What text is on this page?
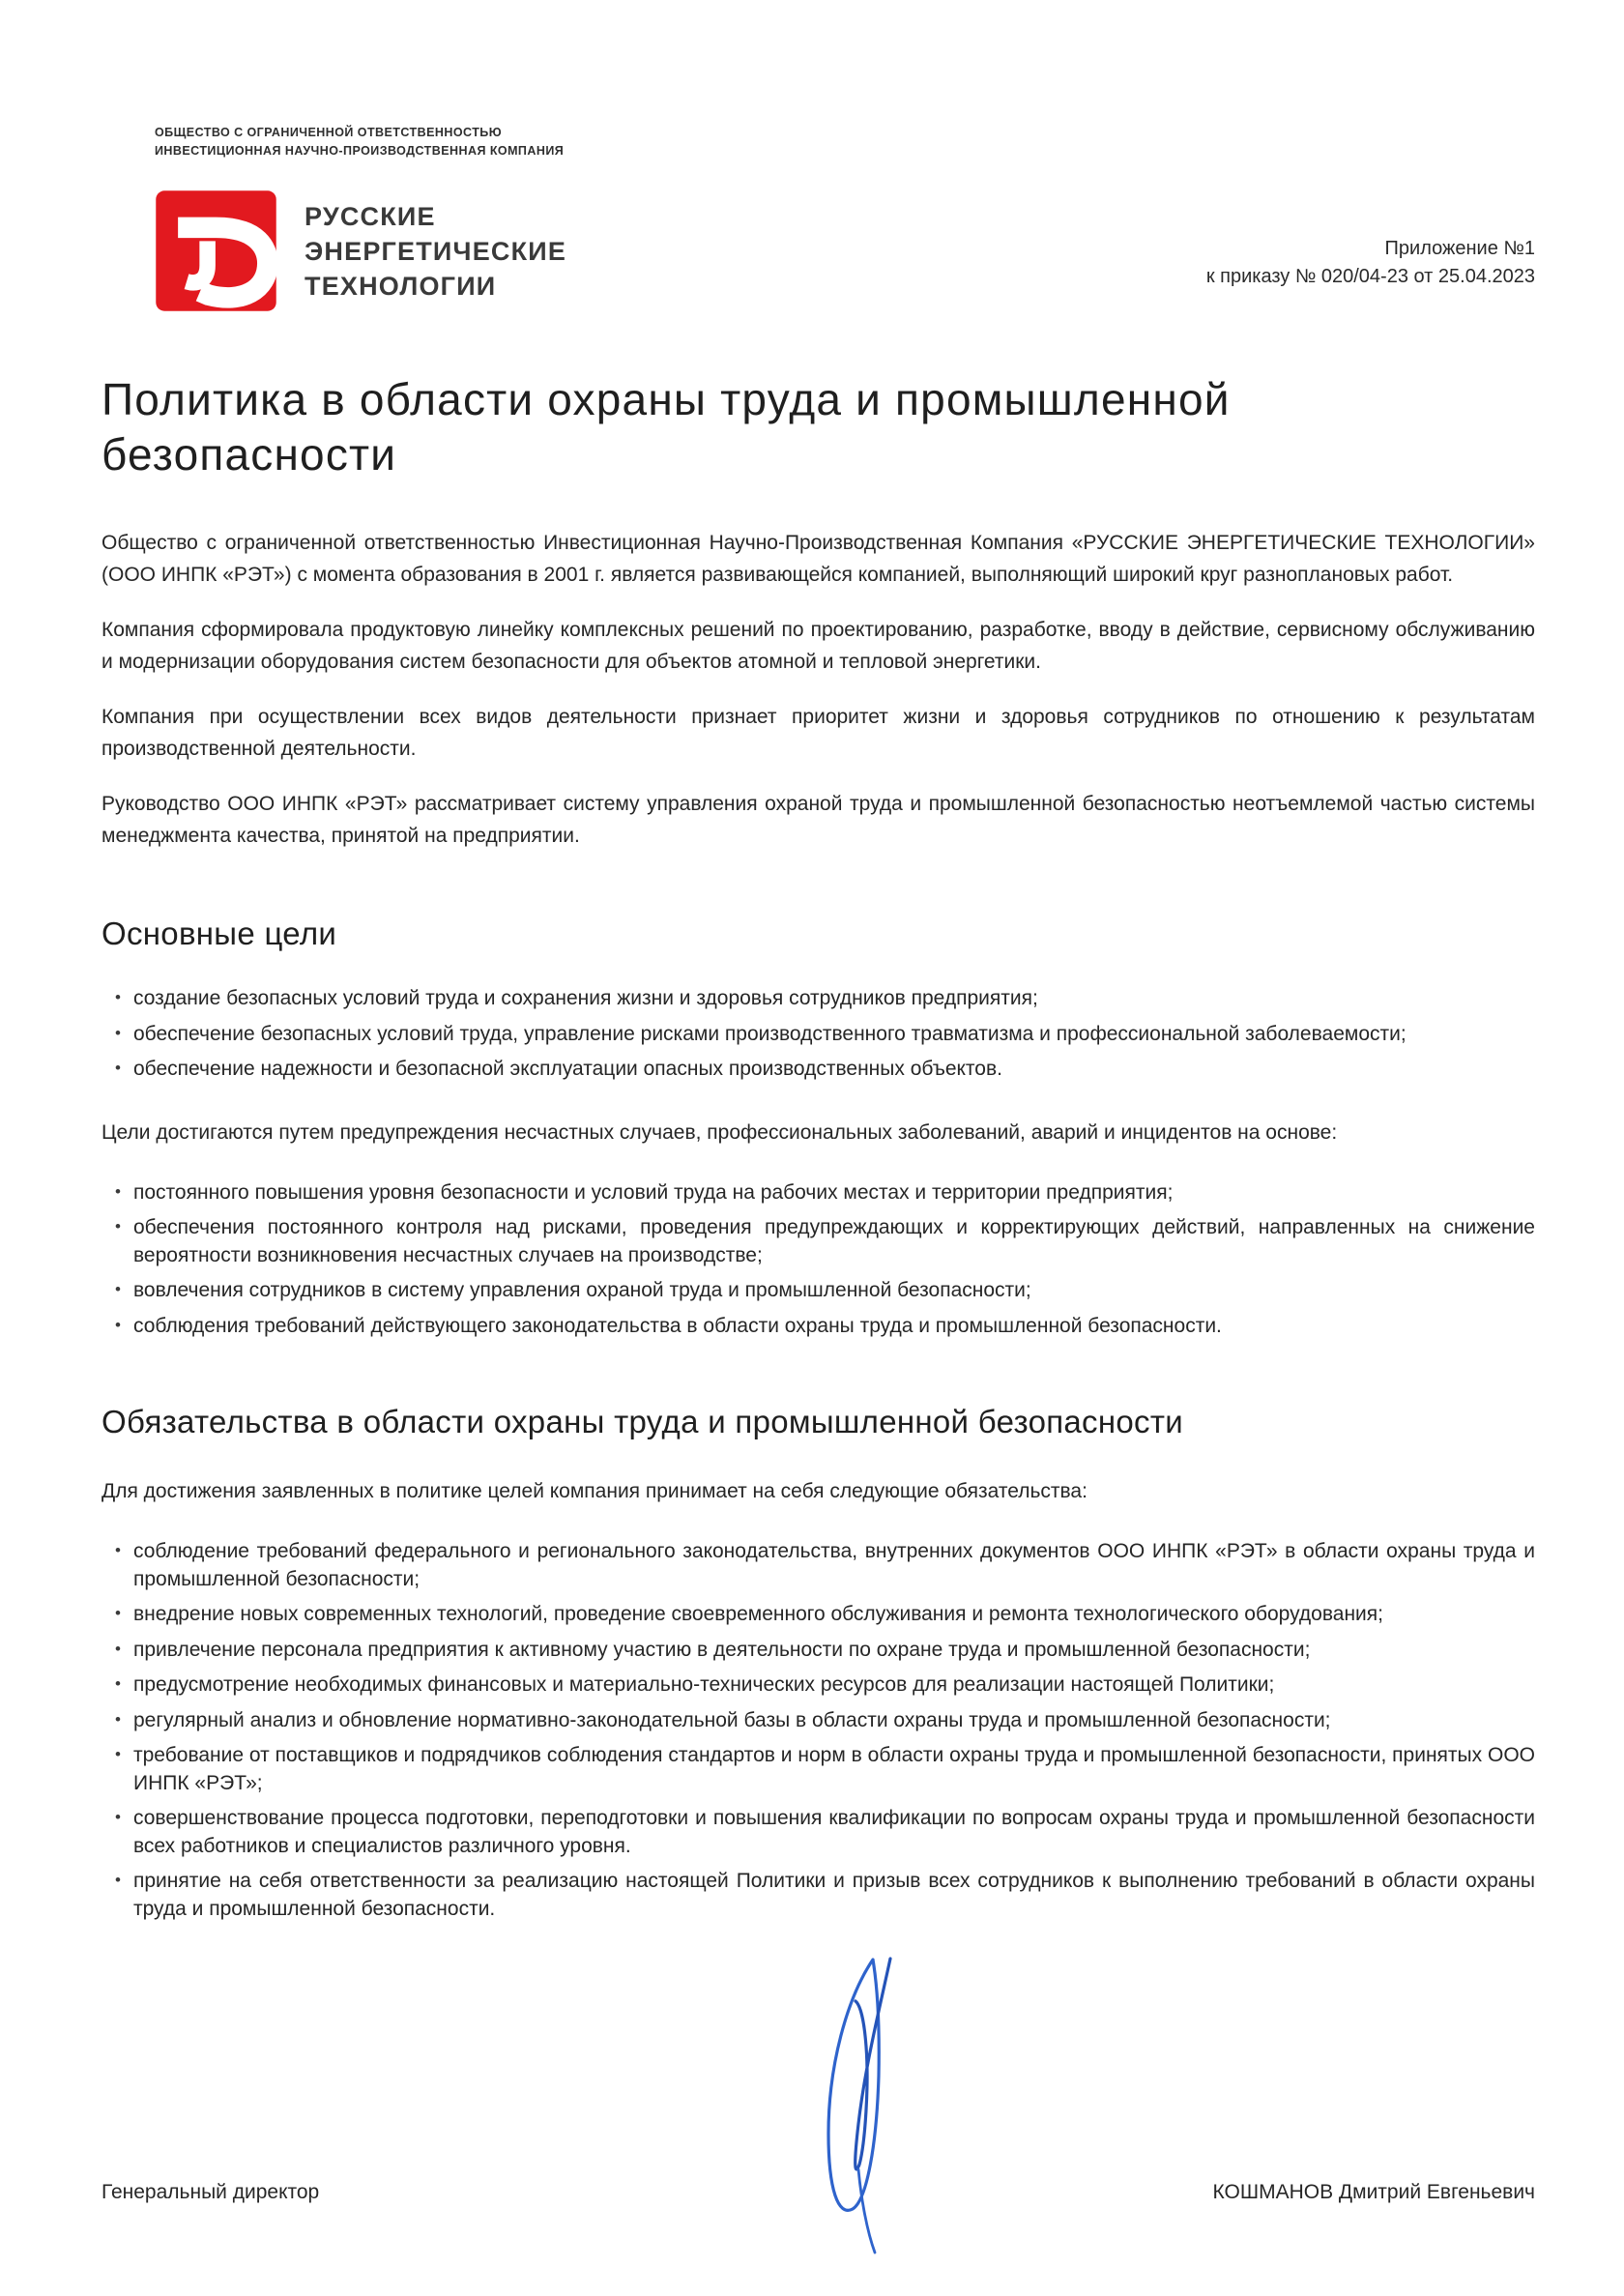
ОБЩЕСТВО С ОГРАНИЧЕННОЙ ОТВЕТСТВЕННОСТЬЮ
ИНВЕСТИЦИОННАЯ НАУЧНО-ПРОИЗВОДСТВЕННАЯ КОМПАНИЯ
РУССКИЕ
ЭНЕРГЕТИЧЕСКИЕ
ТЕХНОЛОГИИ
Приложение №1
к приказу № 020/04-23 от 25.04.2023
Политика в области охраны труда и промышленной безопасности

Общество с ограниченной ответственностью Инвестиционная Научно-Производственная Компания «РУССКИЕ ЭНЕРГЕТИЧЕСКИЕ ТЕХНОЛОГИИ» (ООО ИНПК «РЭТ») с момента образования в 2001 г. является развивающейся компанией, выполняющий широкий круг разноплановых работ.

Компания сформировала продуктовую линейку комплексных решений по проектированию, разработке, вводу в действие, сервисному обслуживанию и модернизации оборудования систем безопасности для объектов атомной и тепловой энергетики.

Компания при осуществлении всех видов деятельности признает приоритет жизни и здоровья сотрудников по отношению к результатам производственной деятельности.

Руководство ООО ИНПК «РЭТ» рассматривает систему управления охраной труда и промышленной безопасностью неотъемлемой частью системы менеджмента качества, принятой на предприятии.

Основные цели
• создание безопасных условий труда и сохранения жизни и здоровья сотрудников предприятия;
• обеспечение безопасных условий труда, управление рисками производственного травматизма и профессиональной заболеваемости;
• обеспечение надежности и безопасной эксплуатации опасных производственных объектов.

Цели достигаются путем предупреждения несчастных случаев, профессиональных заболеваний, аварий и инцидентов на основе:

• постоянного повышения уровня безопасности и условий труда на рабочих местах и территории предприятия;
• обеспечения постоянного контроля над рисками, проведения предупреждающих и корректирующих действий, направленных на снижение вероятности возникновения несчастных случаев на производстве;
• вовлечения сотрудников в систему управления охраной труда и промышленной безопасности;
• соблюдения требований действующего законодательства в области охраны труда и промышленной безопасности.
Обязательства в области охраны труда и промышленной безопасности

Для достижения заявленных в политике целей компания принимает на себя следующие обязательства:

• соблюдение требований федерального и регионального законодательства, внутренних документов ООО ИНПК «РЭТ» в области охраны труда и промышленной безопасности;
• внедрение новых современных технологий, проведение своевременного обслуживания и ремонта технологического оборудования;
• привлечение персонала предприятия к активному участию в деятельности по охране труда и промышленной безопасности;
• предусмотрение необходимых финансовых и материально-технических ресурсов для реализации настоящей Политики;
• регулярный анализ и обновление нормативно-законодательной базы в области охраны труда и промышленной безопасности;
• требование от поставщиков и подрядчиков соблюдения стандартов и норм в области охраны труда и промышленной безопасности, принятых ООО ИНПК «РЭТ»;
• совершенствование процесса подготовки, переподготовки и повышения квалификации по вопросам охраны труда и промышленной безопасности всех работников и специалистов различного уровня.
• принятие на себя ответственности за реализацию настоящей Политики и призыв всех сотрудников к выполнению требований в области охраны труда и промышленной безопасности.
Генеральный директор	КОШМАНОВ Дмитрий Евгеньевич
